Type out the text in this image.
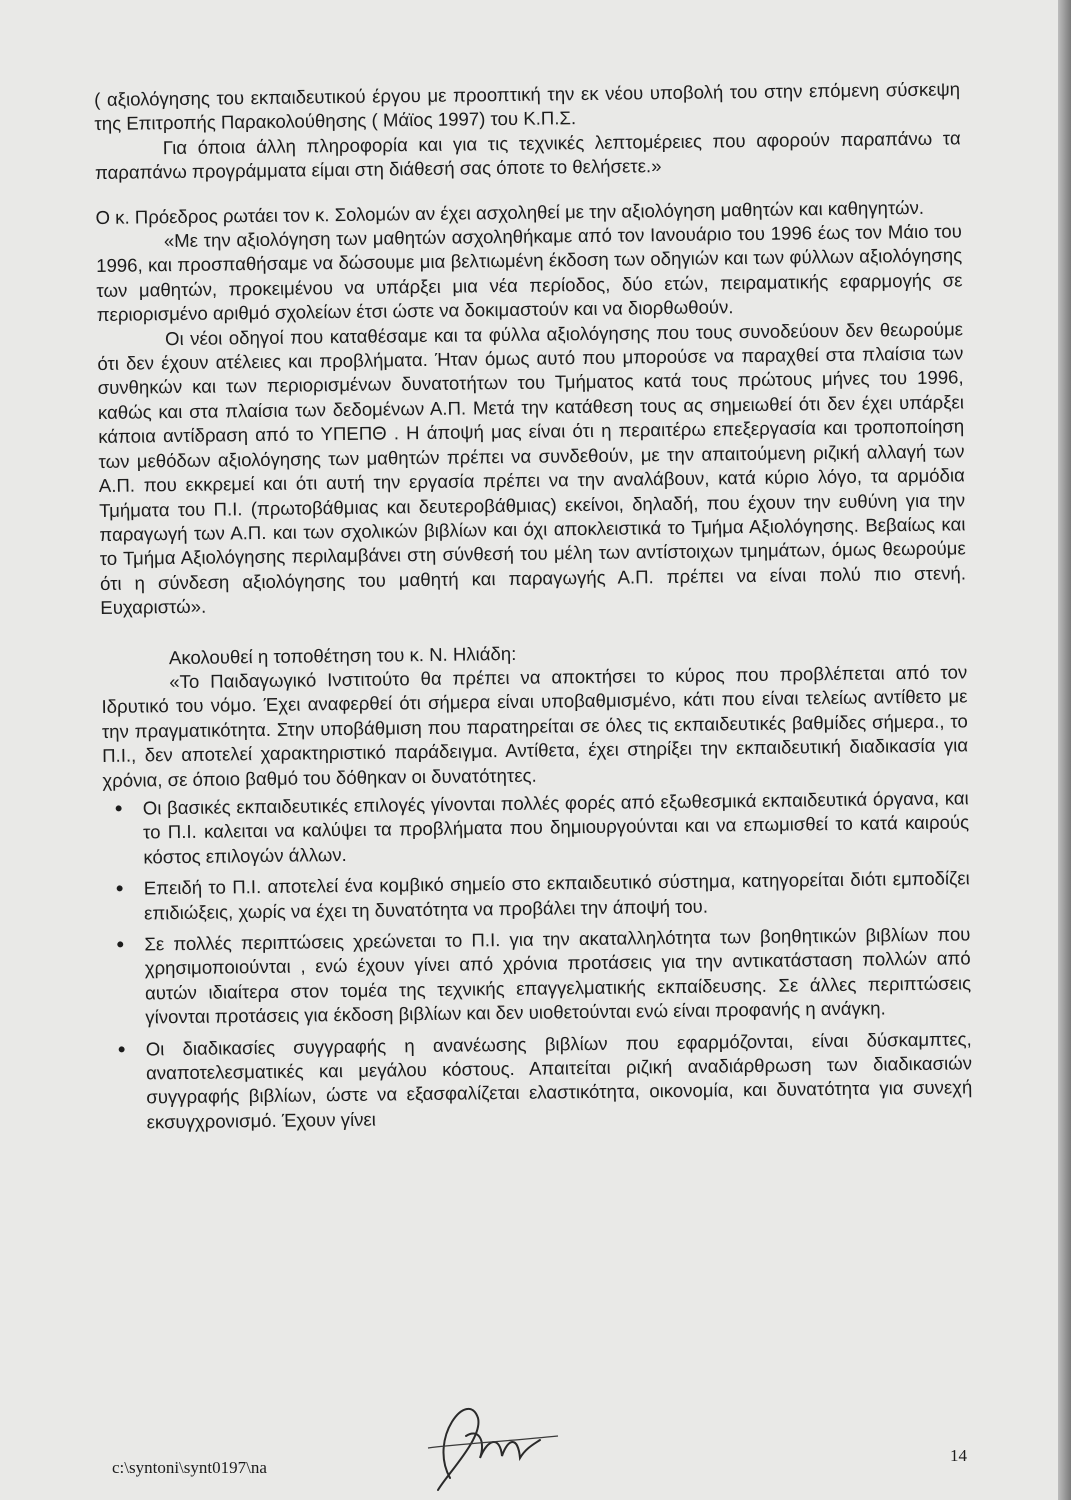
( αξιολόγησης του εκπαιδευτικού έργου με προοπτική την εκ νέου υποβολή του στην επόμενη σύσκεψη της Επιτροπής Παρακολούθησης ( Μάϊος 1997) του Κ.Π.Σ.

Για όποια άλλη πληροφορία και για τις τεχνικές λεπτομέρειες που αφορούν παραπάνω τα παραπάνω προγράμματα είμαι στη διάθεσή σας όποτε το θελήσετε.»

Ο κ. Πρόεδρος ρωτάει τον κ. Σολομών αν έχει ασχοληθεί με την αξιολόγηση μαθητών και καθηγητών.

«Με την αξιολόγηση των μαθητών ασχοληθήκαμε από τον Ιανουάριο του 1996 έως τον Μάιο του 1996, και προσπαθήσαμε να δώσουμε μια βελτιωμένη έκδοση των οδηγιών και των φύλλων αξιολόγησης των μαθητών, προκειμένου να υπάρξει μια νέα περίοδος, δύο ετών, πειραματικής εφαρμογής σε περιορισμένο αριθμό σχολείων έτσι ώστε να δοκιμαστούν και να διορθωθούν.

Οι νέοι οδηγοί που καταθέσαμε και τα φύλλα αξιολόγησης που τους συνοδεύουν δεν θεωρούμε ότι δεν έχουν ατέλειες και προβλήματα. Ήταν όμως αυτό που μπορούσε να παραχθεί στα πλαίσια των συνθηκών και των περιορισμένων δυνατοτήτων του Τμήματος κατά τους πρώτους μήνες του 1996, καθώς και στα πλαίσια των δεδομένων Α.Π. Μετά την κατάθεση τους ας σημειωθεί ότι δεν έχει υπάρξει κάποια αντίδραση από το ΥΠΕΠΘ . Η άποψή μας είναι ότι η περαιτέρω επεξεργασία και τροποποίηση των μεθόδων αξιολόγησης των μαθητών πρέπει να συνδεθούν, με την απαιτούμενη ριζική αλλαγή των Α.Π. που εκκρεμεί και ότι αυτή την εργασία πρέπει να την αναλάβουν, κατά κύριο λόγο, τα αρμόδια Τμήματα του Π.Ι. (πρωτοβάθμιας και δευτεροβάθμιας) εκείνοι, δηλαδή, που έχουν την ευθύνη για την παραγωγή των Α.Π. και των σχολικών βιβλίων και όχι αποκλειστικά το Τμήμα Αξιολόγησης. Βεβαίως και το Τμήμα Αξιολόγησης περιλαμβάνει στη σύνθεσή του μέλη των αντίστοιχων τμημάτων, όμως θεωρούμε ότι η σύνδεση αξιολόγησης του μαθητή και παραγωγής Α.Π. πρέπει να είναι πολύ πιο στενή. Ευχαριστώ».

Ακολουθεί η τοποθέτηση του κ. Ν. Ηλιάδη:

«Το Παιδαγωγικό Ινστιτούτο θα πρέπει να αποκτήσει το κύρος που προβλέπεται από τον Ιδρυτικό του νόμο. Έχει αναφερθεί ότι σήμερα είναι υποβαθμισμένο, κάτι που είναι τελείως αντίθετο με την πραγματικότητα. Στην υποβάθμιση που παρατηρείται σε όλες τις εκπαιδευτικές βαθμίδες σήμερα., το Π.Ι., δεν αποτελεί χαρακτηριστικό παράδειγμα. Αντίθετα, έχει στηρίξει την εκπαιδευτική διαδικασία για χρόνια, σε όποιο βαθμό του δόθηκαν οι δυνατότητες.

• Οι βασικές εκπαιδευτικές επιλογές γίνονται πολλές φορές από εξωθεσμικά εκπαιδευτικά όργανα, και το Π.Ι. καλειται να καλύψει τα προβλήματα που δημιουργούνται και να επωμισθεί το κατά καιρούς κόστος επιλογών άλλων.
• Επειδή το Π.Ι. αποτελεί ένα κομβικό σημείο στο εκπαιδευτικό σύστημα, κατηγορείται διότι εμποδίζει επιδιώξεις, χωρίς να έχει τη δυνατότητα να προβάλει την άποψή του.
• Σε πολλές περιπτώσεις χρεώνεται το Π.Ι. για την ακαταλληλότητα των βοηθητικών βιβλίων που χρησιμοποιούνται , ενώ έχουν γίνει από χρόνια προτάσεις για την αντικατάσταση πολλών από αυτών ιδιαίτερα στον τομέα της τεχνικής επαγγελματικής εκπαίδευσης. Σε άλλες περιπτώσεις γίνονται προτάσεις για έκδοση βιβλίων και δεν υιοθετούνται ενώ είναι προφανής η ανάγκη.
• Οι διαδικασίες συγγραφής η ανανέωσης βιβλίων που εφαρμόζονται, είναι δύσκαμπτες, αναποτελεσματικές και μεγάλου κόστους. Απαιτείται ριζική αναδιάρθρωση των διαδικασιών συγγραφής βιβλίων, ώστε να εξασφαλίζεται ελαστικότητα, οικονομία, και δυνατότητα για συνεχή εκσυγχρονισμό. Έχουν γίνει
c:\syntoni\synt0197\na
14
